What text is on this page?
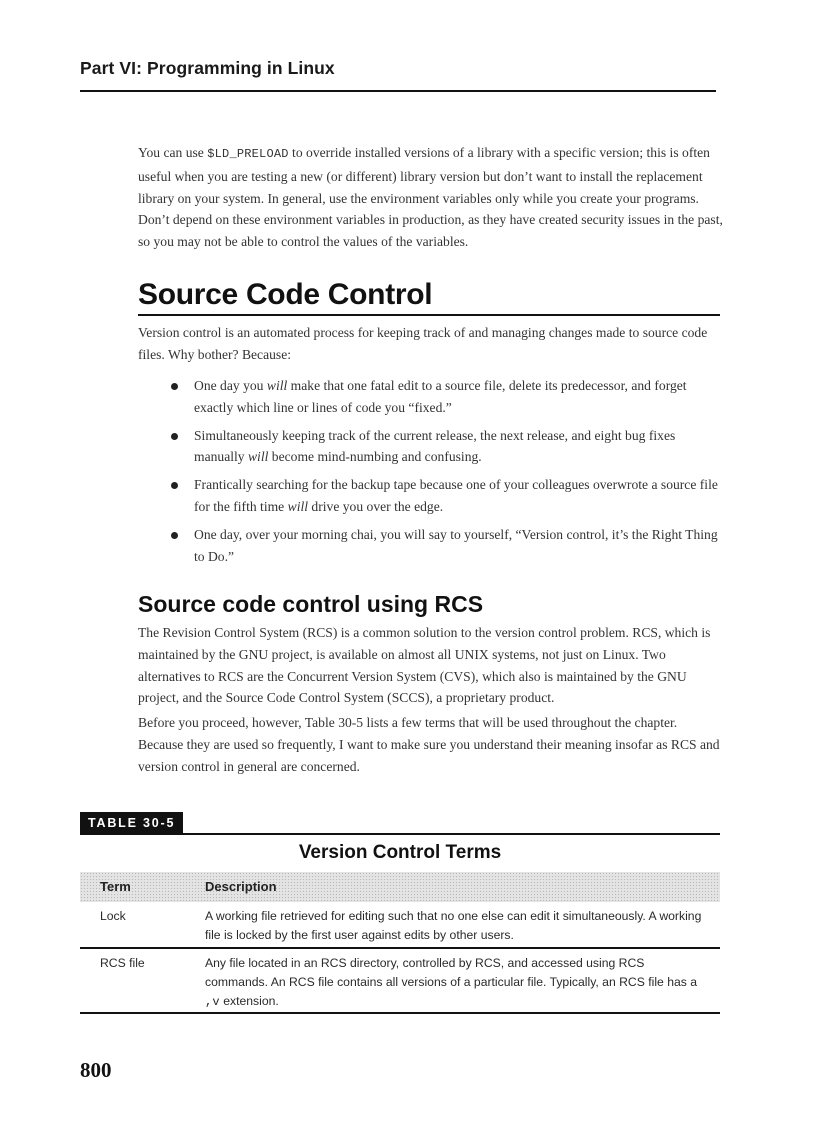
Part VI: Programming in Linux

You can use $LD_PRELOAD to override installed versions of a library with a specific version; this is often useful when you are testing a new (or different) library version but don’t want to install the replacement library on your system. In general, use the environment variables only while you create your programs. Don’t depend on these environment variables in production, as they have created security issues in the past, so you may not be able to control the values of the variables.

Source Code Control

Version control is an automated process for keeping track of and managing changes made to source code files. Why bother? Because:

One day you will make that one fatal edit to a source file, delete its predecessor, and forget exactly which line or lines of code you “fixed.”
Simultaneously keeping track of the current release, the next release, and eight bug fixes manually will become mind-numbing and confusing.
Frantically searching for the backup tape because one of your colleagues overwrote a source file for the fifth time will drive you over the edge.
One day, over your morning chai, you will say to yourself, “Version control, it’s the Right Thing to Do.”
Source code control using RCS

The Revision Control System (RCS) is a common solution to the version control problem. RCS, which is maintained by the GNU project, is available on almost all UNIX systems, not just on Linux. Two alternatives to RCS are the Concurrent Version System (CVS), which also is maintained by the GNU project, and the Source Code Control System (SCCS), a proprietary product.

Before you proceed, however, Table 30-5 lists a few terms that will be used throughout the chapter. Because they are used so frequently, I want to make sure you understand their meaning insofar as RCS and version control in general are concerned.

TABLE 30-5
Version Control Terms
Term	Description
Lock	A working file retrieved for editing such that no one else can edit it simultaneously. A working file is locked by the first user against edits by other users.
RCS file	Any file located in an RCS directory, controlled by RCS, and accessed using RCS commands. An RCS file contains all versions of a particular file. Typically, an RCS file has a ,v extension.
800
